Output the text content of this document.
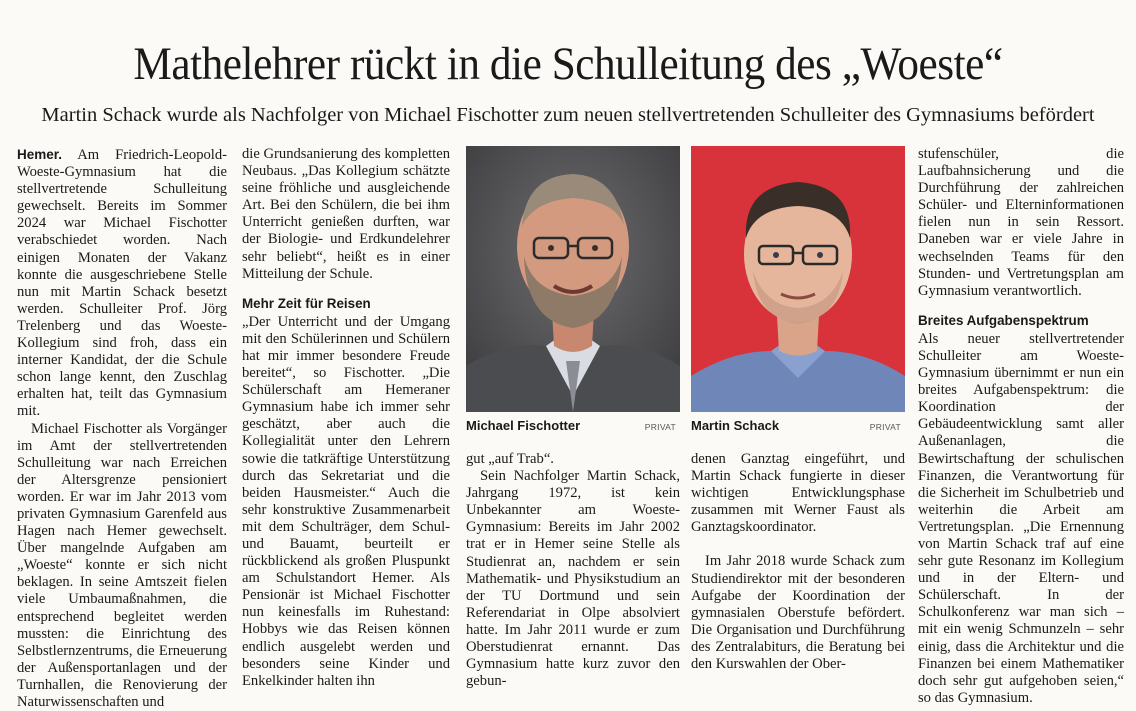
Mathelehrer rückt in die Schulleitung des „Woeste“
Martin Schack wurde als Nachfolger von Michael Fischotter zum neuen stellvertretenden Schulleiter des Gymnasiums befördert

Hemer. Am Friedrich-Leopold-Woeste-Gymnasium hat die stellvertretende Schulleitung gewechselt. Bereits im Sommer 2024 war Michael Fischotter verabschiedet worden. Nach einigen Monaten der Vakanz konnte die ausgeschriebene Stelle nun mit Martin Schack besetzt werden. Schulleiter Prof. Jörg Trelenberg und das Woeste-Kollegium sind froh, dass ein interner Kandidat, der die Schule schon lange kennt, den Zuschlag erhalten hat, teilt das Gymnasium mit.

Michael Fischotter als Vorgänger im Amt der stellvertretenden Schulleitung war nach Erreichen der Altersgrenze pensioniert worden. Er war im Jahr 2013 vom privaten Gymnasium Garenfeld aus Hagen nach Hemer gewechselt. Über mangelnde Aufgaben am „Woeste“ konnte er sich nicht beklagen. In seine Amtszeit fielen viele Umbaumaßnahmen, die entsprechend begleitet werden mussten: die Einrichtung des Selbstlernzentrums, die Erneuerung der Außensportanlagen und der Turnhallen, die Renovierung der Naturwissenschaften und

die Grundsanierung des kompletten Neubaus. „Das Kollegium schätzte seine fröhliche und ausgleichende Art. Bei den Schülern, die bei ihm Unterricht genießen durften, war der Biologie- und Erdkundelehrer sehr beliebt“, heißt es in einer Mitteilung der Schule.

Mehr Zeit für Reisen

„Der Unterricht und der Umgang mit den Schülerinnen und Schülern hat mir immer besondere Freude bereitet“, so Fischotter. „Die Schülerschaft am Hemeraner Gymnasium habe ich immer sehr geschätzt, aber auch die Kollegialität unter den Lehrern sowie die tatkräftige Unterstützung durch das Sekretariat und die beiden Hausmeister.“ Auch die sehr konstruktive Zusammenarbeit mit dem Schulträger, dem Schul- und Bauamt, beurteilt er rückblickend als großen Pluspunkt am Schulstandort Hemer. Als Pensionär ist Michael Fischotter nun keinesfalls im Ruhestand: Hobbys wie das Reisen können endlich ausgelebt werden und besonders seine Kinder und Enkelkinder halten ihn

Michael Fischotter	PRIVAT Martin Schack	PRIVAT

gut „auf Trab“.

Sein Nachfolger Martin Schack, Jahrgang 1972, ist kein Unbekannter am Woeste-Gymnasium: Bereits im Jahr 2002 trat er in Hemer seine Stelle als Studienrat an, nachdem er sein Mathematik- und Physikstudium an der TU Dortmund und sein Referendariat in Olpe absolviert hatte. Im Jahr 2011 wurde er zum Oberstudienrat ernannt. Das Gymnasium hatte kurz zuvor den gebun-

denen Ganztag eingeführt, und Martin Schack fungierte in dieser wichtigen Entwicklungsphase zusammen mit Werner Faust als Ganztagskoordinator.

Im Jahr 2018 wurde Schack zum Studiendirektor mit der besonderen Aufgabe der Koordination der gymnasialen Oberstufe befördert. Die Organisation und Durchführung des Zentralabiturs, die Beratung bei den Kurswahlen der Ober-

stufenschüler, die Laufbahnsicherung und die Durchführung der zahlreichen Schüler- und Elterninformationen fielen nun in sein Ressort. Daneben war er viele Jahre in wechselnden Teams für den Stunden- und Vertretungsplan am Gymnasium verantwortlich.

Breites Aufgabenspektrum

Als neuer stellvertretender Schulleiter am Woeste-Gymnasium übernimmt er nun ein breites Aufgabenspektrum: die Koordination der Gebäudeentwicklung samt aller Außenanlagen, die Bewirtschaftung der schulischen Finanzen, die Verantwortung für die Sicherheit im Schulbetrieb und weiterhin die Arbeit am Vertretungsplan. „Die Ernennung von Martin Schack traf auf eine sehr gute Resonanz im Kollegium und in der Eltern- und Schülerschaft. In der Schulkonferenz war man sich – mit ein wenig Schmunzeln – sehr einig, dass die Architektur und die Finanzen bei einem Mathematiker doch sehr gut aufgehoben seien,“ so das Gymnasium.
